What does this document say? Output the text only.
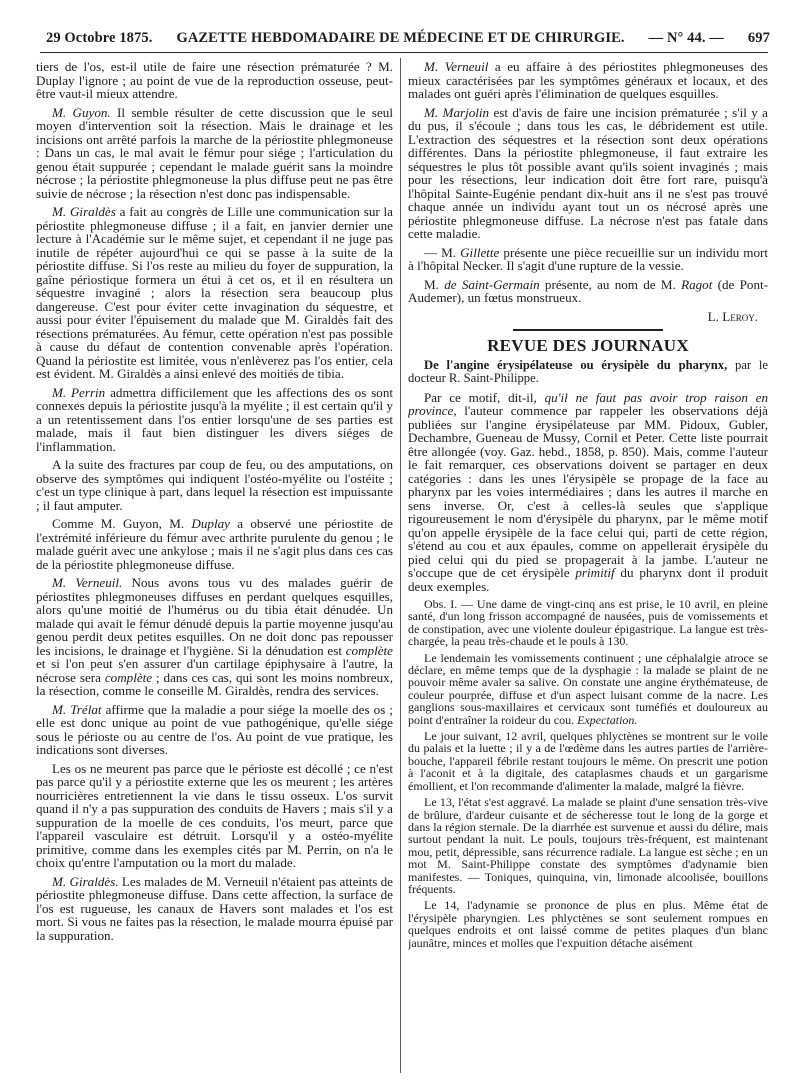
29 Octobre 1875. GAZETTE HEBDOMADAIRE DE MÉDECINE ET DE CHIRURGIE. — N° 44. — 697

tiers de l'os, est-il utile de faire une résection prématurée ? M. Duplay l'ignore ; au point de vue de la reproduction osseuse, peut-être vaut-il mieux attendre.

M. Guyon. Il semble résulter de cette discussion que le seul moyen d'intervention soit la résection. Mais le drainage et les incisions ont arrêté parfois la marche de la périostite phlegmoneuse : Dans un cas, le mal avait le fémur pour siége ; l'articulation du genou était suppurée ; cependant le malade guérit sans la moindre nécrose ; la périostite phlegmoneuse la plus diffuse peut ne pas être suivie de nécrose ; la résection n'est donc pas indispensable.

M. Giraldès a fait au congrès de Lille une communication sur la périostite phlegmoneuse diffuse ; il a fait, en janvier dernier une lecture à l'Académie sur le même sujet, et cependant il ne juge pas inutile de répéter aujourd'hui ce qui se passe à la suite de la périostite diffuse. Si l'os reste au milieu du foyer de suppuration, la gaîne périostique formera un étui à cet os, et il en résultera un séquestre invaginé ; alors la résection sera beaucoup plus dangereuse. C'est pour éviter cette invagination du séquestre, et aussi pour éviter l'épuisement du malade que M. Giraldès fait des résections prématurées. Au fémur, cette opération n'est pas possible à cause du défaut de contention convenable après l'opération. Quand la périostite est limitée, vous n'enlèverez pas l'os entier, cela est évident. M. Giraldès a ainsi enlevé des moitiés de tibia.

M. Perrin admettra difficilement que les affections des os sont connexes depuis la périostite jusqu'à la myélite ; il est certain qu'il y a un retentissement dans l'os entier lorsqu'une de ses parties est malade, mais il faut bien distinguer les divers siéges de l'inflammation.

A la suite des fractures par coup de feu, ou des amputations, on observe des symptômes qui indiquent l'ostéo-myélite ou l'ostéite ; c'est un type clinique à part, dans lequel la résection est impuissante ; il faut amputer.

Comme M. Guyon, M. Duplay a observé une périostite de l'extrémité inférieure du fémur avec arthrite purulente du genou ; le malade guérit avec une ankylose ; mais il ne s'agit plus dans ces cas de la périostite phlegmoneuse diffuse.

M. Verneuil. Nous avons tous vu des malades guérir de périostites phlegmoneuses diffuses en perdant quelques esquilles, alors qu'une moitié de l'humérus ou du tibia était dénudée. Un malade qui avait le fémur dénudé depuis la partie moyenne jusqu'au genou perdit deux petites esquilles. On ne doit donc pas repousser les incisions, le drainage et l'hygiène. Si la dénudation est complète et si l'on peut s'en assurer d'un cartilage épiphysaire à l'autre, la nécrose sera complète ; dans ces cas, qui sont les moins nombreux, la résection, comme le conseille M. Giraldès, rendra des services.

M. Trélat affirme que la maladie a pour siége la moelle des os ; elle est donc unique au point de vue pathogénique, qu'elle siége sous le périoste ou au centre de l'os. Au point de vue pratique, les indications sont diverses.

Les os ne meurent pas parce que le périoste est décollé ; ce n'est pas parce qu'il y a périostite externe que les os meurent ; les artères nourricières entretiennent la vie dans le tissu osseux. L'os survit quand il n'y a pas suppuration des conduits de Havers ; mais s'il y a suppuration de la moelle de ces conduits, l'os meurt, parce que l'appareil vasculaire est détruit. Lorsqu'il y a ostéo-myélite primitive, comme dans les exemples cités par M. Perrin, on n'a le choix qu'entre l'amputation ou la mort du malade.

M. Giraldès. Les malades de M. Verneuil n'étaient pas atteints de périostite phlegmoneuse diffuse. Dans cette affection, la surface de l'os est rugueuse, les canaux de Havers sont malades et l'os est mort. Si vous ne faites pas la résection, le malade mourra épuisé par la suppuration.

M. Verneuil a eu affaire à des périostites phlegmoneuses des mieux caractérisées par les symptômes généraux et locaux, et des malades ont guéri après l'élimination de quelques esquilles.

M. Marjolin est d'avis de faire une incision prématurée ; s'il y a du pus, il s'écoule ; dans tous les cas, le débridement est utile. L'extraction des séquestres et la résection sont deux opérations différentes. Dans la périostite phlegmoneuse, il faut extraire les séquestres le plus tôt possible avant qu'ils soient invaginés ; mais pour les résections, leur indication doit être fort rare, puisqu'à l'hôpital Sainte-Eugénie pendant dix-huit ans il ne s'est pas trouvé chaque année un individu ayant tout un os nécrosé après une périostite phlegmoneuse diffuse. La nécrose n'est pas fatale dans cette maladie.

— M. Gillette présente une pièce recueillie sur un individu mort à l'hôpital Necker. Il s'agit d'une rupture de la vessie.

M. de Saint-Germain présente, au nom de M. Ragot (de Pont-Audemer), un fœtus monstrueux.

L. Leroy.

REVUE DES JOURNAUX

De l'angine érysipélateuse ou érysipèle du pharynx, par le docteur R. Saint-Philippe.

Par ce motif, dit-il, qu'il ne faut pas avoir trop raison en province, l'auteur commence par rappeler les observations déjà publiées sur l'angine érysipélateuse par MM. Pidoux, Gubler, Dechambre, Gueneau de Mussy, Cornil et Peter. Cette liste pourrait être allongée (voy. Gaz. hebd., 1858, p. 850). Mais, comme l'auteur le fait remarquer, ces observations doivent se partager en deux catégories : dans les unes l'érysipèle se propage de la face au pharynx par les voies intermédiaires ; dans les autres il marche en sens inverse. Or, c'est à celles-là seules que s'applique rigoureusement le nom d'érysipèle du pharynx, par le même motif qu'on appelle érysipèle de la face celui qui, parti de cette région, s'étend au cou et aux épaules, comme on appellerait érysipèle du pied celui qui du pied se propagerait à la jambe. L'auteur ne s'occupe que de cet érysipèle primitif du pharynx dont il produit deux exemples.

Obs. I. — Une dame de vingt-cinq ans est prise, le 10 avril, en pleine santé, d'un long frisson accompagné de nausées, puis de vomissements et de constipation, avec une violente douleur épigastrique. La langue est très-chargée, la peau très-chaude et le pouls à 130.

Le lendemain les vomissements continuent ; une céphalalgie atroce se déclare, en même temps que de la dysphagie : la malade se plaint de ne pouvoir même avaler sa salive. On constate une angine érythémateuse, de couleur pourprée, diffuse et d'un aspect luisant comme de la nacre. Les ganglions sous-maxillaires et cervicaux sont tuméfiés et douloureux au point d'entraîner la roideur du cou. Expectation.

Le jour suivant, 12 avril, quelques phlyctènes se montrent sur le voile du palais et la luette ; il y a de l'œdème dans les autres parties de l'arrière-bouche, l'appareil fébrile restant toujours le même. On prescrit une potion à l'aconit et à la digitale, des cataplasmes chauds et un gargarisme émollient, et l'on recommande d'alimenter la malade, malgré la fièvre.

Le 13, l'état s'est aggravé. La malade se plaint d'une sensation très-vive de brûlure, d'ardeur cuisante et de sécheresse tout le long de la gorge et dans la région sternale. De la diarrhée est survenue et aussi du délire, mais surtout pendant la nuit. Le pouls, toujours très-fréquent, est maintenant mou, petit, dépressible, sans récurrence radiale. La langue est sèche ; en un mot M. Saint-Philippe constate des symptômes d'adynamie bien manifestes. — Toniques, quinquina, vin, limonade alcoolisée, bouillons fréquents.

Le 14, l'adynamie se prononce de plus en plus. Même état de l'érysipèle pharyngien. Les phlyctènes se sont seulement rompues en quelques endroits et ont laissé comme de petites plaques d'un blanc jaunâtre, minces et molles que l'expuition détache aisément
